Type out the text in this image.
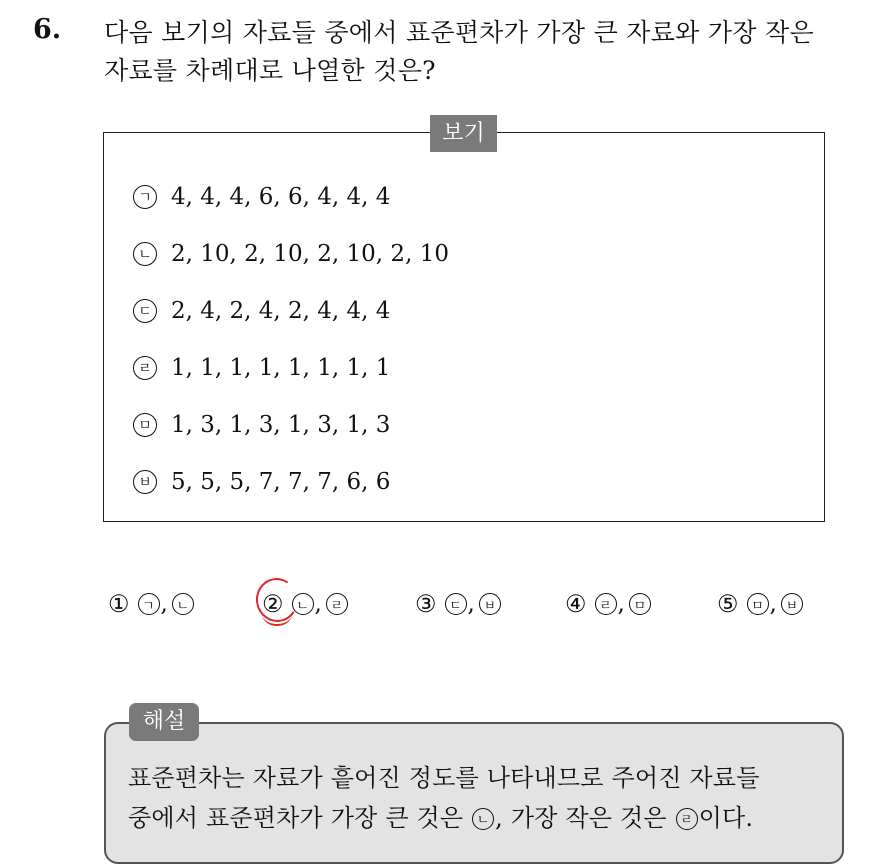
6. 다음 보기의 자료들 중에서 표준편차가 가장 큰 자료와 가장 작은
자료를 차례대로 나열한 것은?
보기
ㄱ 4, 4, 4, 6, 6, 4, 4, 4
ㄴ 2, 10, 2, 10, 2, 10, 2, 10
ㄷ 2, 4, 2, 4, 2, 4, 4, 4
ㄹ 1, 1, 1, 1, 1, 1, 1, 1
ㅁ 1, 3, 1, 3, 1, 3, 1, 3
ㅂ 5, 5, 5, 7, 7, 7, 6, 6
① ㄱ , ㄴ	② ㄴ , ㄹ	③ ㄷ , ㅂ	④ ㄹ , ㅁ	⑤ ㅁ , ㅂ
해설
표준편차는 자료가 흩어진 정도를 나타내므로 주어진 자료들
중에서 표준편차가 가장 큰 것은 ㄴ , 가장 작은 것은 ㄹ 이다.
